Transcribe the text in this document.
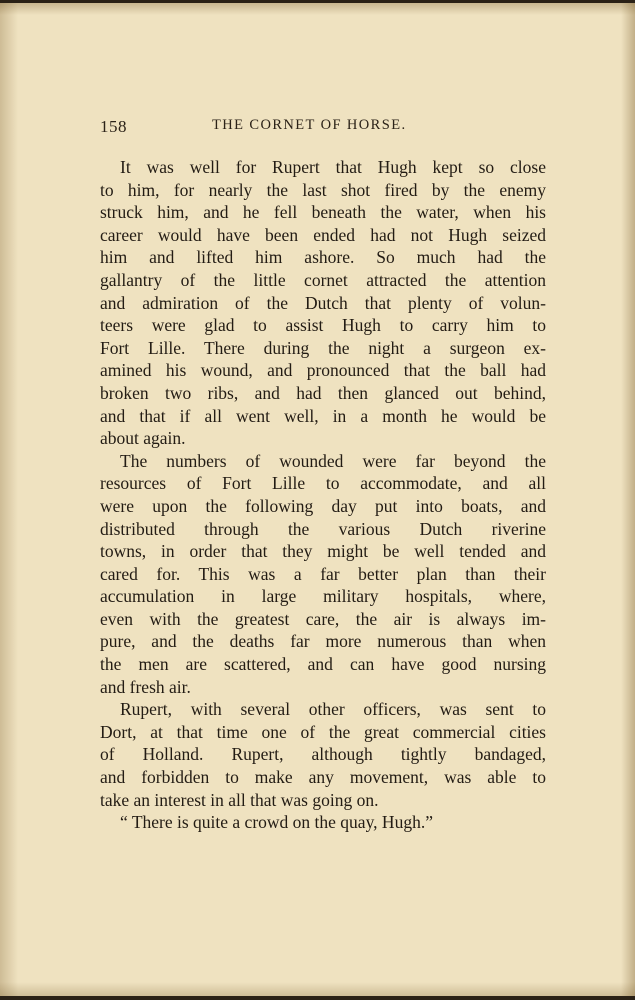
158	THE CORNET OF HORSE.

It was well for Rupert that Hugh kept so close
to him, for nearly the last shot fired by the enemy
struck him, and he fell beneath the water, when his
career would have been ended had not Hugh seized
him and lifted him ashore. So much had the
gallantry of the little cornet attracted the attention
and admiration of the Dutch that plenty of volun-
teers were glad to assist Hugh to carry him to
Fort Lille. There during the night a surgeon ex-
amined his wound, and pronounced that the ball had
broken two ribs, and had then glanced out behind,
and that if all went well, in a month he would be
about again.

The numbers of wounded were far beyond the
resources of Fort Lille to accommodate, and all
were upon the following day put into boats, and
distributed through the various Dutch riverine
towns, in order that they might be well tended and
cared for. This was a far better plan than their
accumulation in large military hospitals, where,
even with the greatest care, the air is always im-
pure, and the deaths far more numerous than when
the men are scattered, and can have good nursing
and fresh air.

Rupert, with several other officers, was sent to
Dort, at that time one of the great commercial cities
of Holland. Rupert, although tightly bandaged,
and forbidden to make any movement, was able to
take an interest in all that was going on.

“ There is quite a crowd on the quay, Hugh.”
